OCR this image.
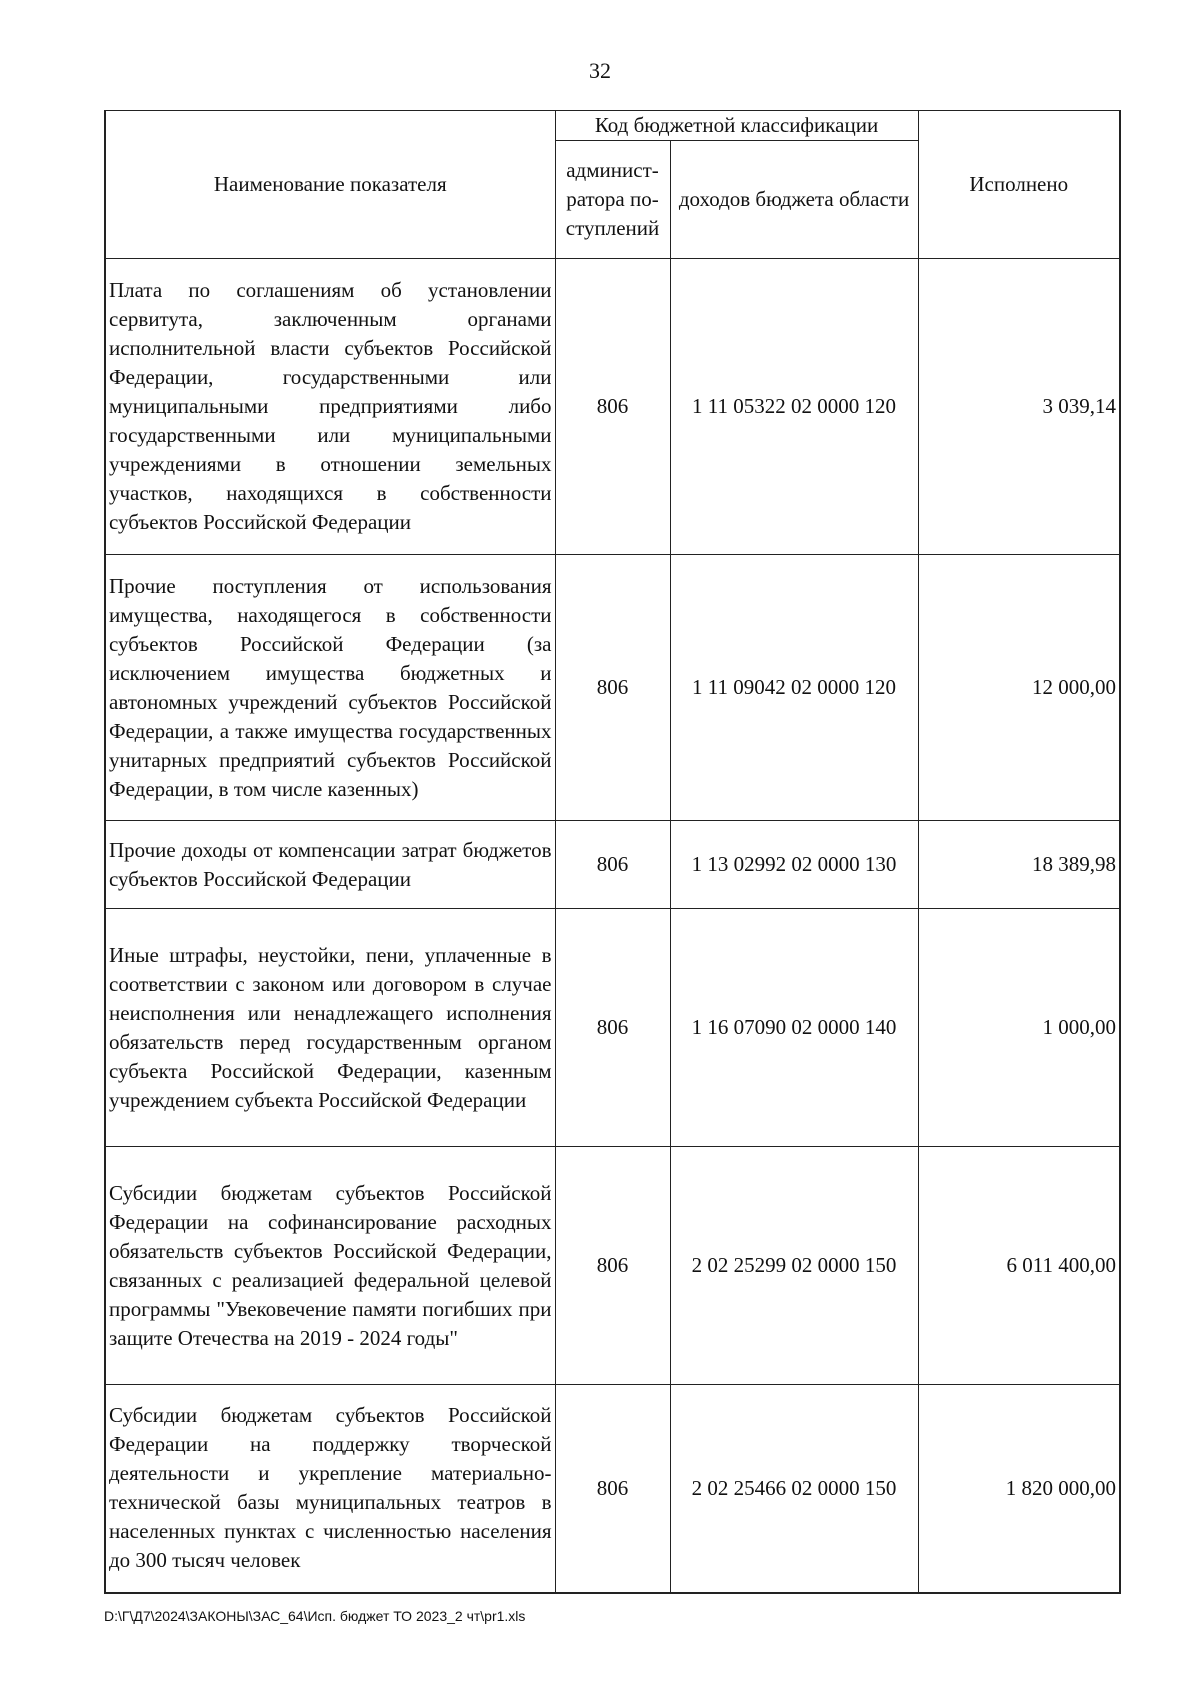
32
Наименование показателя	Код бюджетной классификации		Исполнено
	админист-ратора по-ступлений	доходов бюджета области	
Плата по соглашениям об установлении сервитута, заключенным органами исполнительной власти субъектов Российской Федерации, государственными или муниципальными предприятиями либо государственными или муниципальными учреждениями в отношении земельных участков, находящихся в собственности субъектов Российской Федерации	806	1 11 05322 02 0000 120	3 039,14
Прочие поступления от использования имущества, находящегося в собственности субъектов Российской Федерации (за исключением имущества бюджетных и автономных учреждений субъектов Российской Федерации, а также имущества государственных унитарных предприятий субъектов Российской Федерации, в том числе казенных)	806	1 11 09042 02 0000 120	12 000,00
Прочие доходы от компенсации затрат бюджетов субъектов Российской Федерации	806	1 13 02992 02 0000 130	18 389,98
Иные штрафы, неустойки, пени, уплаченные в соответствии с законом или договором в случае неисполнения или ненадлежащего исполнения обязательств перед государственным органом субъекта Российской Федерации, казенным учреждением субъекта Российской Федерации	806	1 16 07090 02 0000 140	1 000,00
Субсидии бюджетам субъектов Российской Федерации на софинансирование расходных обязательств субъектов Российской Федерации, связанных с реализацией федеральной целевой программы "Увековечение памяти погибших при защите Отечества на 2019 - 2024 годы"	806	2 02 25299 02 0000 150	6 011 400,00
Субсидии бюджетам субъектов Российской Федерации на поддержку творческой деятельности и укрепление материально-технической базы муниципальных театров в населенных пунктах с численностью населения до 300 тысяч человек	806	2 02 25466 02 0000 150	1 820 000,00
D:\Г\Д7\2024\ЗАКОНЫ\ЗАС_64\Исп. бюджет ТО 2023_2 чт\pr1.xls
